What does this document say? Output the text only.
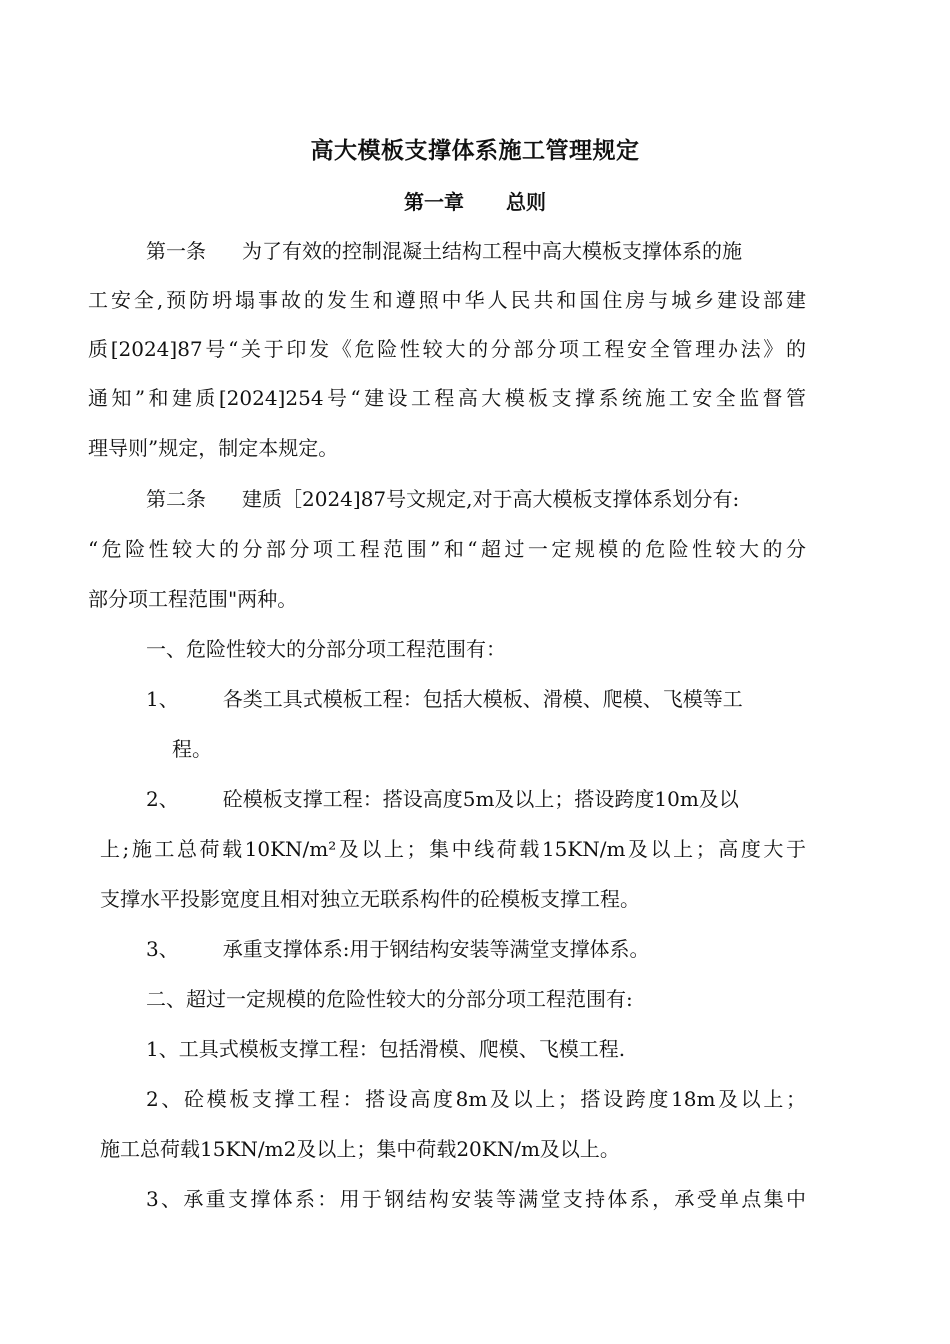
高大模板支撑体系施工管理规定
第一章 总则
第一条 为了有效的控制混凝土结构工程中高大模板支撑体系的施
工安全,预防坍塌事故的发生和遵照中华人民共和国住房与城乡建设部建
质[2024]87号“关于印发《危险性较大的分部分项工程安全管理办法》的
通知”和建质[2024]254号“建设工程高大模板支撑系统施工安全监督管
理导则”规定，制定本规定。
第二条 建质［2024]87号文规定,对于高大模板支撑体系划分有:
“危险性较大的分部分项工程范围”和“超过一定规模的危险性较大的分
部分项工程范围"两种。
一、危险性较大的分部分项工程范围有：
1、 各类工具式模板工程：包括大模板、滑模、爬模、飞模等工
程。
2、 砼模板支撑工程：搭设高度5m及以上；搭设跨度10m及以
上;施工总荷载10KN/m²及以上；集中线荷载15KN/m及以上；高度大于
支撑水平投影宽度且相对独立无联系构件的砼模板支撑工程。
3、 承重支撑体系:用于钢结构安装等满堂支撑体系。
二、超过一定规模的危险性较大的分部分项工程范围有:
1、工具式模板支撑工程：包括滑模、爬模、飞模工程.
2、砼模板支撑工程：搭设高度8m及以上；搭设跨度18m及以上；
施工总荷载15KN/m2及以上；集中荷载20KN/m及以上。
3、承重支撑体系：用于钢结构安装等满堂支持体系，承受单点集中
